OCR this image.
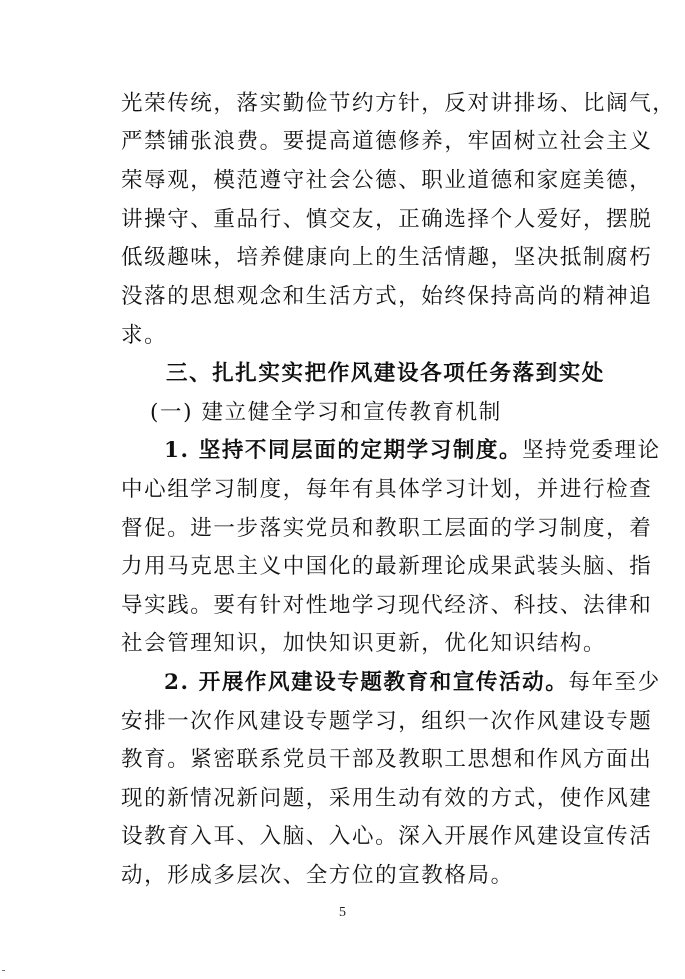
光荣传统，落实勤俭节约方针，反对讲排场、比阔气，
严禁铺张浪费。要提高道德修养，牢固树立社会主义
荣辱观，模范遵守社会公德、职业道德和家庭美德，
讲操守、重品行、慎交友，正确选择个人爱好，摆脱
低级趣味，培养健康向上的生活情趣，坚决抵制腐朽
没落的思想观念和生活方式，始终保持高尚的精神追
求。
三、扎扎实实把作风建设各项任务落到实处
(一) 建立健全学习和宣传教育机制
1. 坚持不同层面的定期学习制度。坚持党委理论
中心组学习制度，每年有具体学习计划，并进行检查
督促。进一步落实党员和教职工层面的学习制度，着
力用马克思主义中国化的最新理论成果武装头脑、指
导实践。要有针对性地学习现代经济、科技、法律和
社会管理知识，加快知识更新，优化知识结构。
2. 开展作风建设专题教育和宣传活动。每年至少
安排一次作风建设专题学习，组织一次作风建设专题
教育。紧密联系党员干部及教职工思想和作风方面出
现的新情况新问题，采用生动有效的方式，使作风建
设教育入耳、入脑、入心。深入开展作风建设宣传活
动，形成多层次、全方位的宣教格局。
5
